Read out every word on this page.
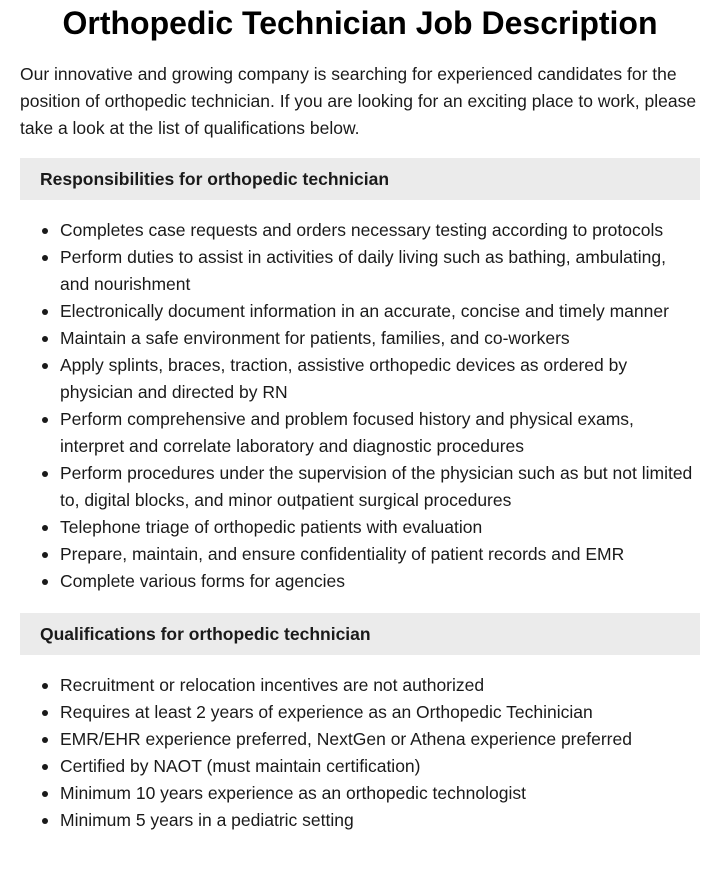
Orthopedic Technician Job Description

Our innovative and growing company is searching for experienced candidates for the position of orthopedic technician. If you are looking for an exciting place to work, please take a look at the list of qualifications below.

Responsibilities for orthopedic technician
Completes case requests and orders necessary testing according to protocols
Perform duties to assist in activities of daily living such as bathing, ambulating, and nourishment
Electronically document information in an accurate, concise and timely manner
Maintain a safe environment for patients, families, and co-workers
Apply splints, braces, traction, assistive orthopedic devices as ordered by physician and directed by RN
Perform comprehensive and problem focused history and physical exams, interpret and correlate laboratory and diagnostic procedures
Perform procedures under the supervision of the physician such as but not limited to, digital blocks, and minor outpatient surgical procedures
Telephone triage of orthopedic patients with evaluation
Prepare, maintain, and ensure confidentiality of patient records and EMR
Complete various forms for agencies
Qualifications for orthopedic technician
Recruitment or relocation incentives are not authorized
Requires at least 2 years of experience as an Orthopedic Techinician
EMR/EHR experience preferred, NextGen or Athena experience preferred
Certified by NAOT (must maintain certification)
Minimum 10 years experience as an orthopedic technologist
Minimum 5 years in a pediatric setting
